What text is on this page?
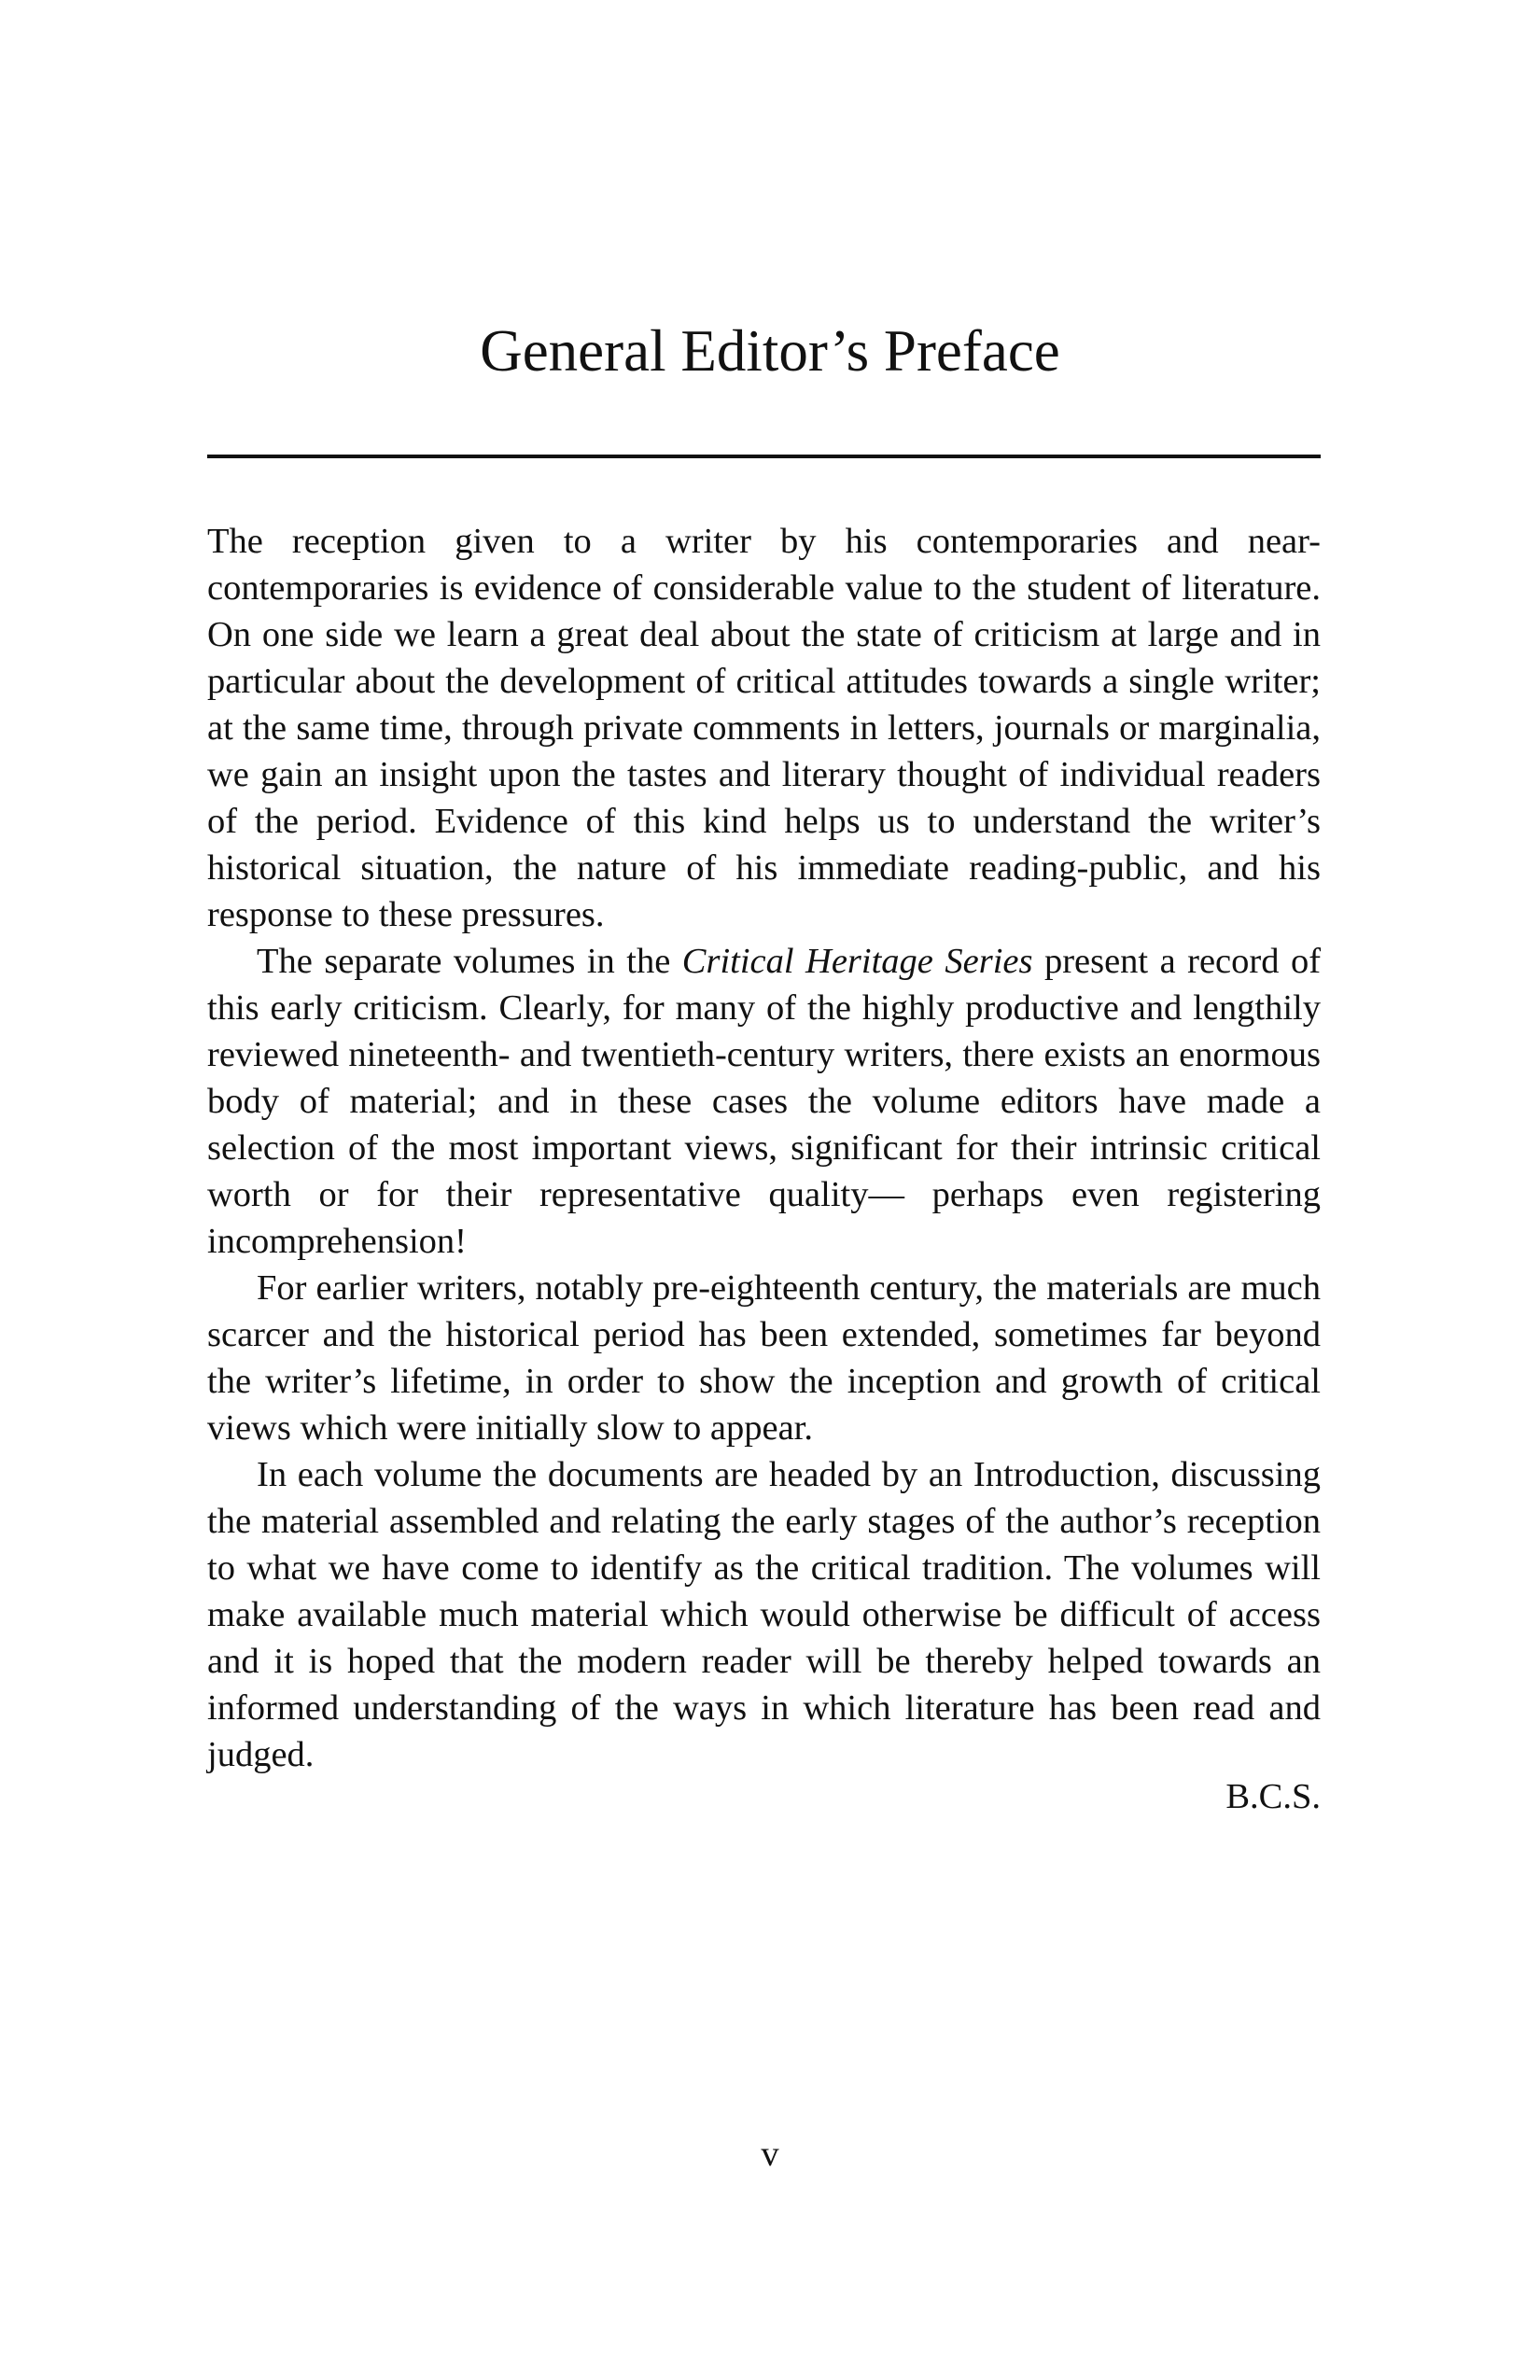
General Editor’s Preface

The reception given to a writer by his contemporaries and near-contemporaries is evidence of considerable value to the student of literature. On one side we learn a great deal about the state of criticism at large and in particular about the development of critical attitudes towards a single writer; at the same time, through private comments in letters, journals or marginalia, we gain an insight upon the tastes and literary thought of individual readers of the period. Evidence of this kind helps us to understand the writer’s historical situation, the nature of his immediate reading-public, and his response to these pressures.

The separate volumes in the Critical Heritage Series present a record of this early criticism. Clearly, for many of the highly productive and lengthily reviewed nineteenth- and twentieth-century writers, there exists an enormous body of material; and in these cases the volume editors have made a selection of the most important views, significant for their intrinsic critical worth or for their representative quality— perhaps even registering incomprehension!

For earlier writers, notably pre-eighteenth century, the materials are much scarcer and the historical period has been extended, sometimes far beyond the writer’s lifetime, in order to show the inception and growth of critical views which were initially slow to appear.

In each volume the documents are headed by an Introduction, discussing the material assembled and relating the early stages of the author’s reception to what we have come to identify as the critical tradition. The volumes will make available much material which would otherwise be difficult of access and it is hoped that the modern reader will be thereby helped towards an informed understanding of the ways in which literature has been read and judged.

B.C.S.
v
